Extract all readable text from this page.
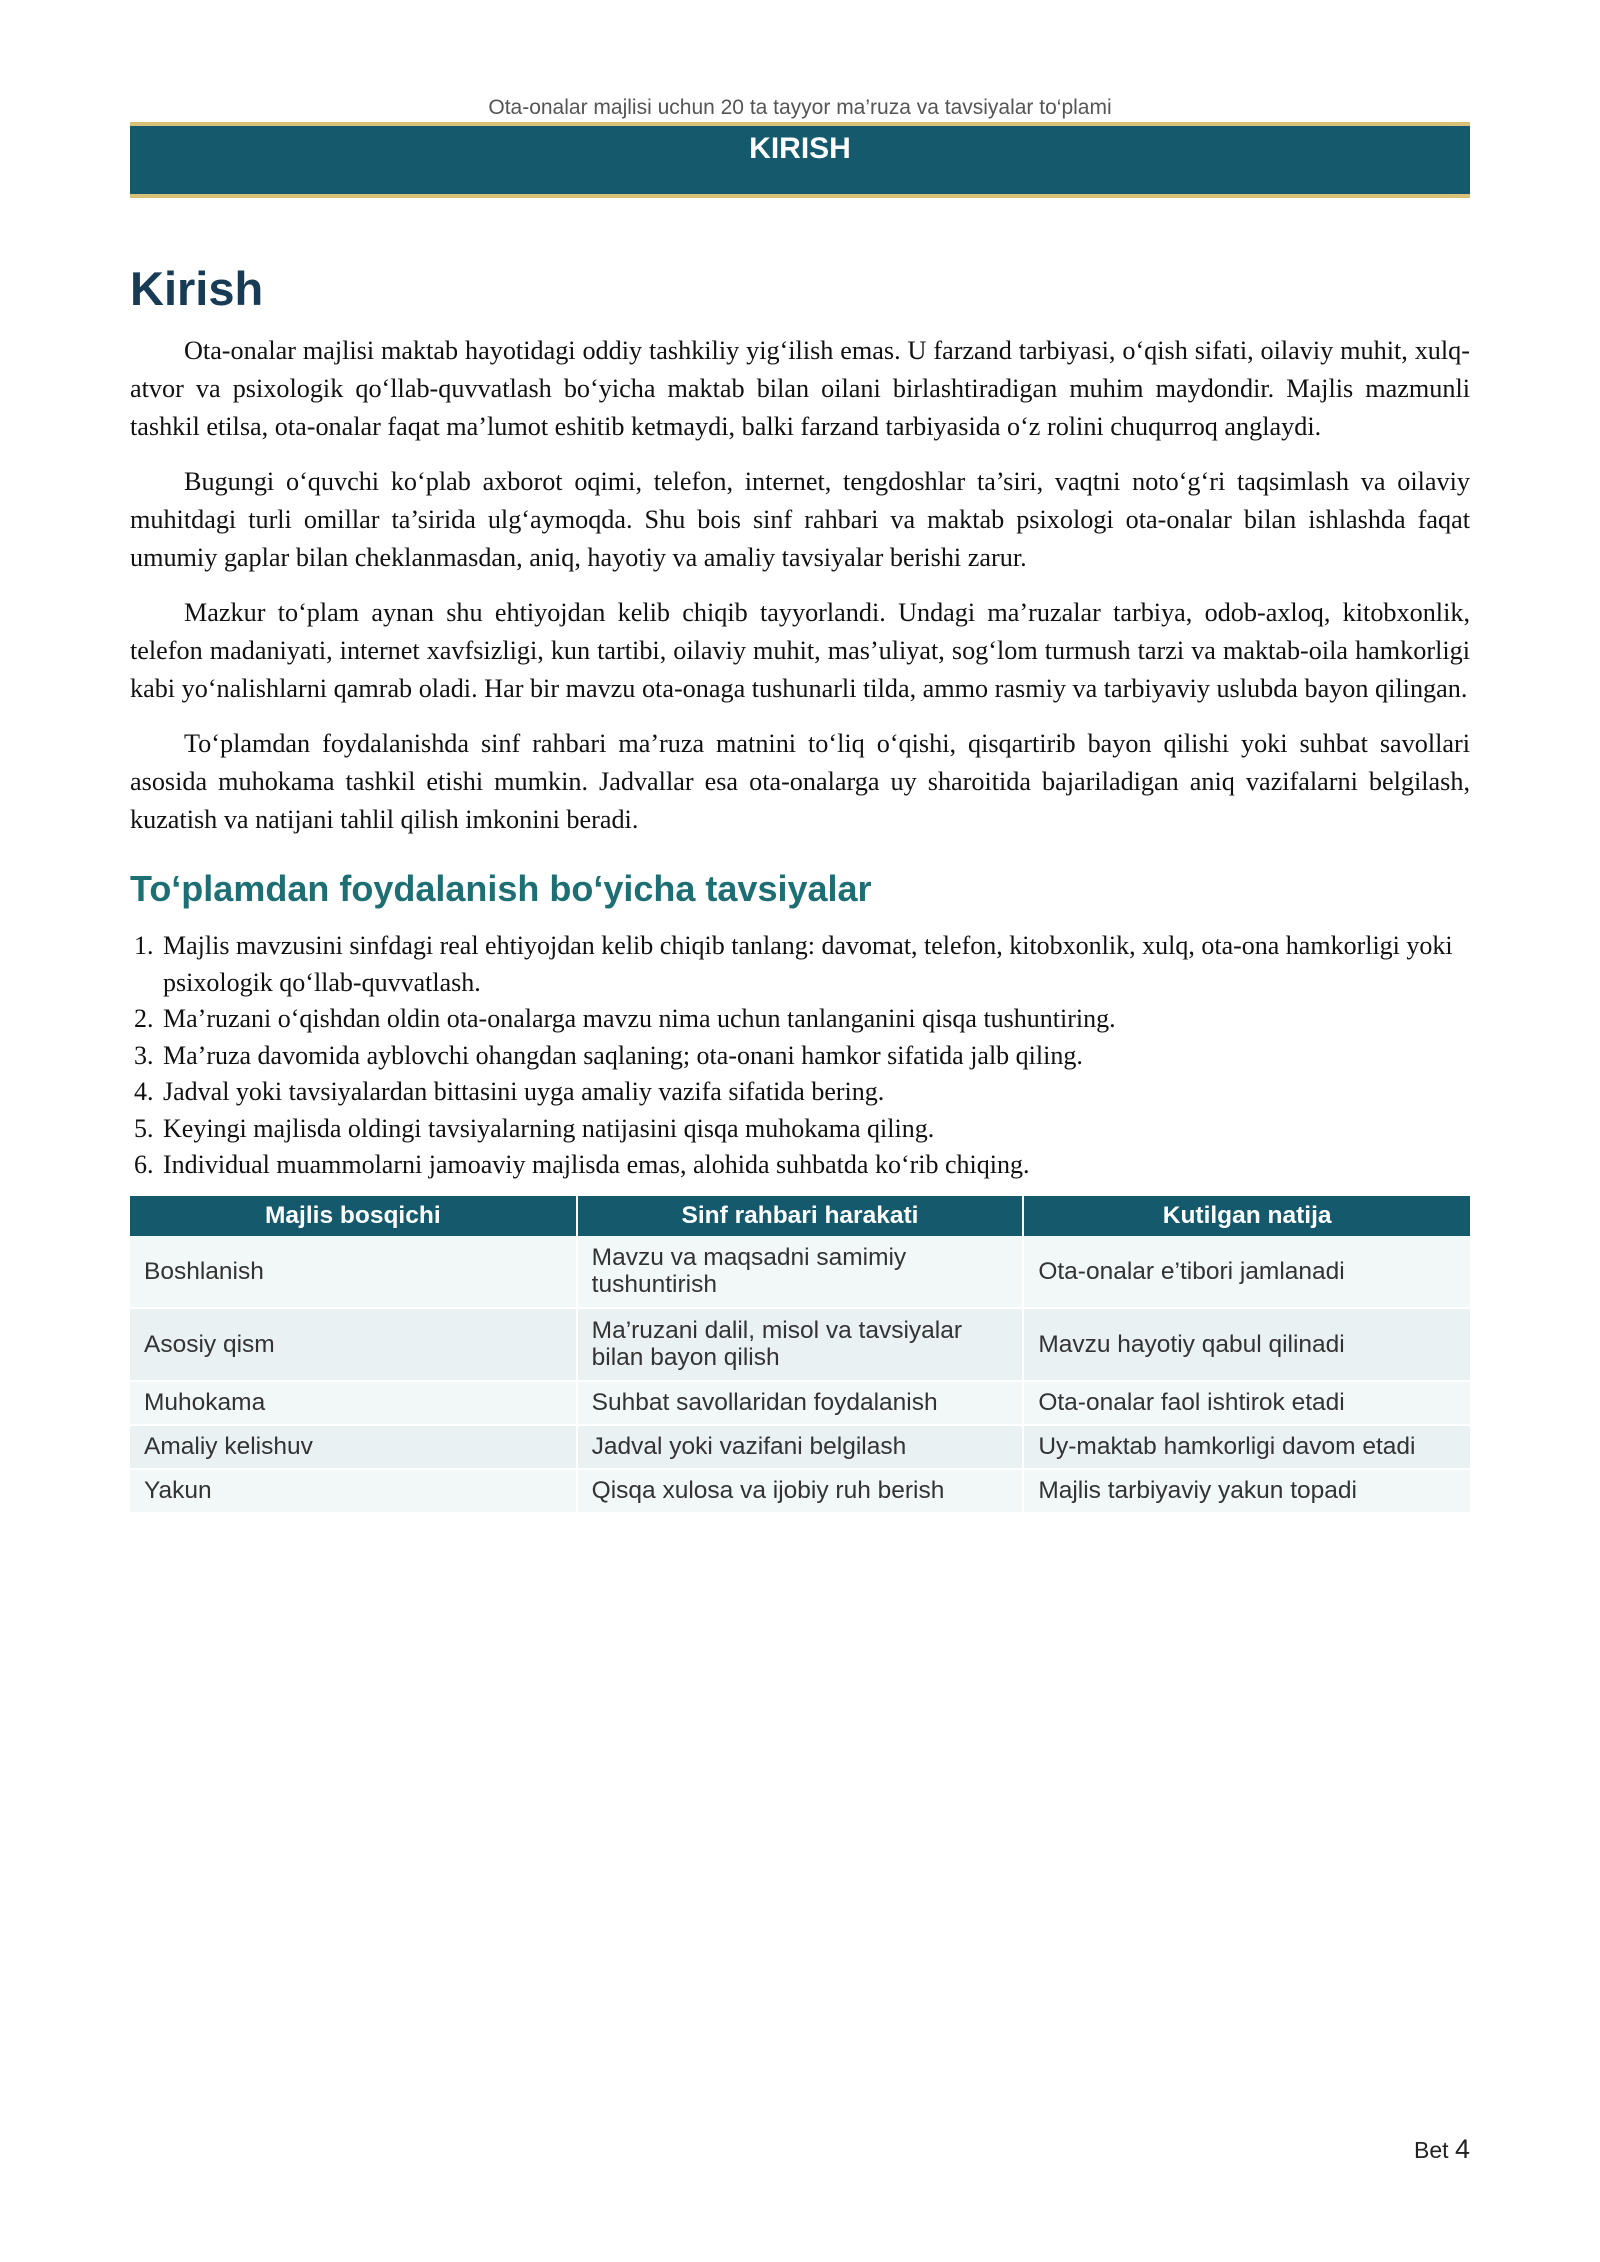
Ota-onalar majlisi uchun 20 ta tayyor ma’ruza va tavsiyalar to‘plami
KIRISH
Kirish

Ota-onalar majlisi maktab hayotidagi oddiy tashkiliy yig‘ilish emas. U farzand tarbiyasi, o‘qish sifati, oilaviy muhit, xulq-atvor va psixologik qo‘llab-quvvatlash bo‘yicha maktab bilan oilani birlashtiradigan muhim maydondir. Majlis mazmunli tashkil etilsa, ota-onalar faqat ma’lumot eshitib ketmaydi, balki farzand tarbiyasida o‘z rolini chuqurroq anglaydi.

Bugungi o‘quvchi ko‘plab axborot oqimi, telefon, internet, tengdoshlar ta’siri, vaqtni noto‘g‘ri taqsimlash va oilaviy muhitdagi turli omillar ta’sirida ulg‘aymoqda. Shu bois sinf rahbari va maktab psixologi ota-onalar bilan ishlashda faqat umumiy gaplar bilan cheklanmasdan, aniq, hayotiy va amaliy tavsiyalar berishi zarur.

Mazkur to‘plam aynan shu ehtiyojdan kelib chiqib tayyorlandi. Undagi ma’ruzalar tarbiya, odob-axloq, kitobxonlik, telefon madaniyati, internet xavfsizligi, kun tartibi, oilaviy muhit, mas’uliyat, sog‘lom turmush tarzi va maktab-oila hamkorligi kabi yo‘nalishlarni qamrab oladi. Har bir mavzu ota-onaga tushunarli tilda, ammo rasmiy va tarbiyaviy uslubda bayon qilingan.

To‘plamdan foydalanishda sinf rahbari ma’ruza matnini to‘liq o‘qishi, qisqartirib bayon qilishi yoki suhbat savollari asosida muhokama tashkil etishi mumkin. Jadvallar esa ota-onalarga uy sharoitida bajariladigan aniq vazifalarni belgilash, kuzatish va natijani tahlil qilish imkonini beradi.

To‘plamdan foydalanish bo‘yicha tavsiyalar
1. Majlis mavzusini sinfdagi real ehtiyojdan kelib chiqib tanlang: davomat, telefon, kitobxonlik, xulq, ota-ona hamkorligi yoki psixologik qo‘llab-quvvatlash.
2. Ma’ruzani o‘qishdan oldin ota-onalarga mavzu nima uchun tanlanganini qisqa tushuntiring.
3. Ma’ruza davomida ayblovchi ohangdan saqlaning; ota-onani hamkor sifatida jalb qiling.
4. Jadval yoki tavsiyalardan bittasini uyga amaliy vazifa sifatida bering.
5. Keyingi majlisda oldingi tavsiyalarning natijasini qisqa muhokama qiling.
6. Individual muammolarni jamoaviy majlisda emas, alohida suhbatda ko‘rib chiqing.
Majlis bosqichi	Sinf rahbari harakati	Kutilgan natija
Boshlanish	Mavzu va maqsadni samimiy tushuntirish	Ota-onalar e’tibori jamlanadi
Asosiy qism	Ma’ruzani dalil, misol va tavsiyalar bilan bayon qilish	Mavzu hayotiy qabul qilinadi
Muhokama	Suhbat savollaridan foydalanish	Ota-onalar faol ishtirok etadi
Amaliy kelishuv	Jadval yoki vazifani belgilash	Uy-maktab hamkorligi davom etadi
Yakun	Qisqa xulosa va ijobiy ruh berish	Majlis tarbiyaviy yakun topadi
Bet 4
